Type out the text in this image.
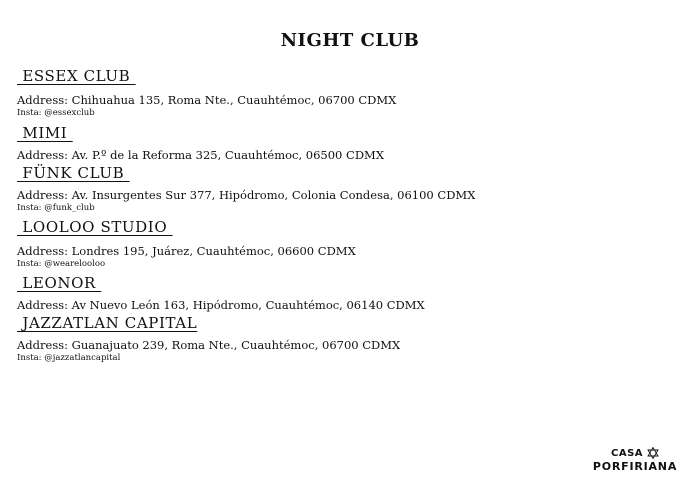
NIGHT CLUB
ESSEX CLUB
Address: Chihuahua 135, Roma Nte., Cuauhtémoc, 06700 CDMX
Insta: @essexclub
MIMI
Address: Av. P.º de la Reforma 325, Cuauhtémoc, 06500 CDMX
FÜNK CLUB
Address: Av. Insurgentes Sur 377, Hipódromo, Colonia Condesa, 06100 CDMX
Insta: @funk_club
LOOLOO STUDIO
Address: Londres 195, Juárez, Cuauhtémoc, 06600 CDMX
Insta: @wearelooloo
LEONOR
Address: Av Nuevo León 163, Hipódromo, Cuauhtémoc, 06140 CDMX
JAZZATLAN CAPITAL
Address: Guanajuato 239, Roma Nte., Cuauhtémoc, 06700 CDMX
Insta: @jazzatlancapital
CASA
PORFIRIANA
